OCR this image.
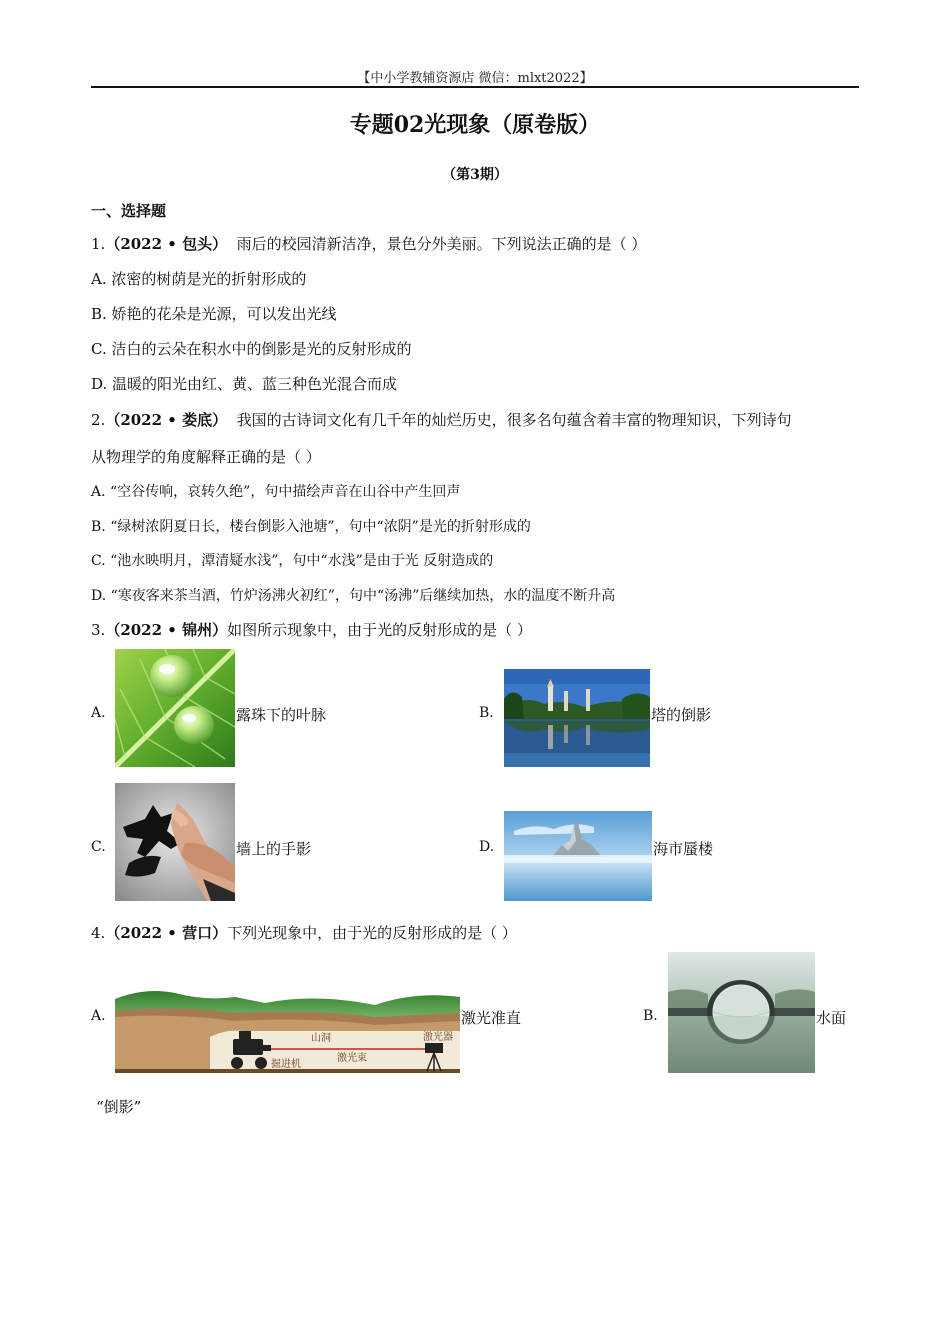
【中小学教辅资源店 微信：mlxt2022】
专题02光现象（原卷版）
（第3期）
一、选择题
1.（2022 • 包头） 雨后的校园清新洁净，景色分外美丽。下列说法正确的是（ ）
A. 浓密的树荫是光的折射形成的
B. 娇艳的花朵是光源，可以发出光线
C. 洁白的云朵在积水中的倒影是光的反射形成的
D. 温暖的阳光由红、黄、蓝三种色光混合而成
2.（2022 • 娄底） 我国的古诗词文化有几千年的灿烂历史，很多名句蕴含着丰富的物理知识，下列诗句
从物理学的角度解释正确的是（ ）
A. “空谷传响，哀转久绝”，句中描绘声音在山谷中产生回声
B. “绿树浓阴夏日长，楼台倒影入池塘”，句中“浓阴”是光的折射形成的
C. “池水映明月，潭清疑水浅”，句中“水浅”是由于光 反射造成的
D. “寒夜客来茶当酒，竹炉汤沸火初红”，句中“汤沸”后继续加热，水的温度不断升高
3.（2022 • 锦州）如图所示现象中，由于光的反射形成的是（ ）
A.	露珠下的叶脉	B.	塔的倒影
C.	墙上的手影	D.	海市蜃楼
4.（2022 • 营口）下列光现象中，由于光的反射形成的是（ ）
A.
山洞	激光器
激光束
掘进机
激光准直	B.	水面
“倒影”
